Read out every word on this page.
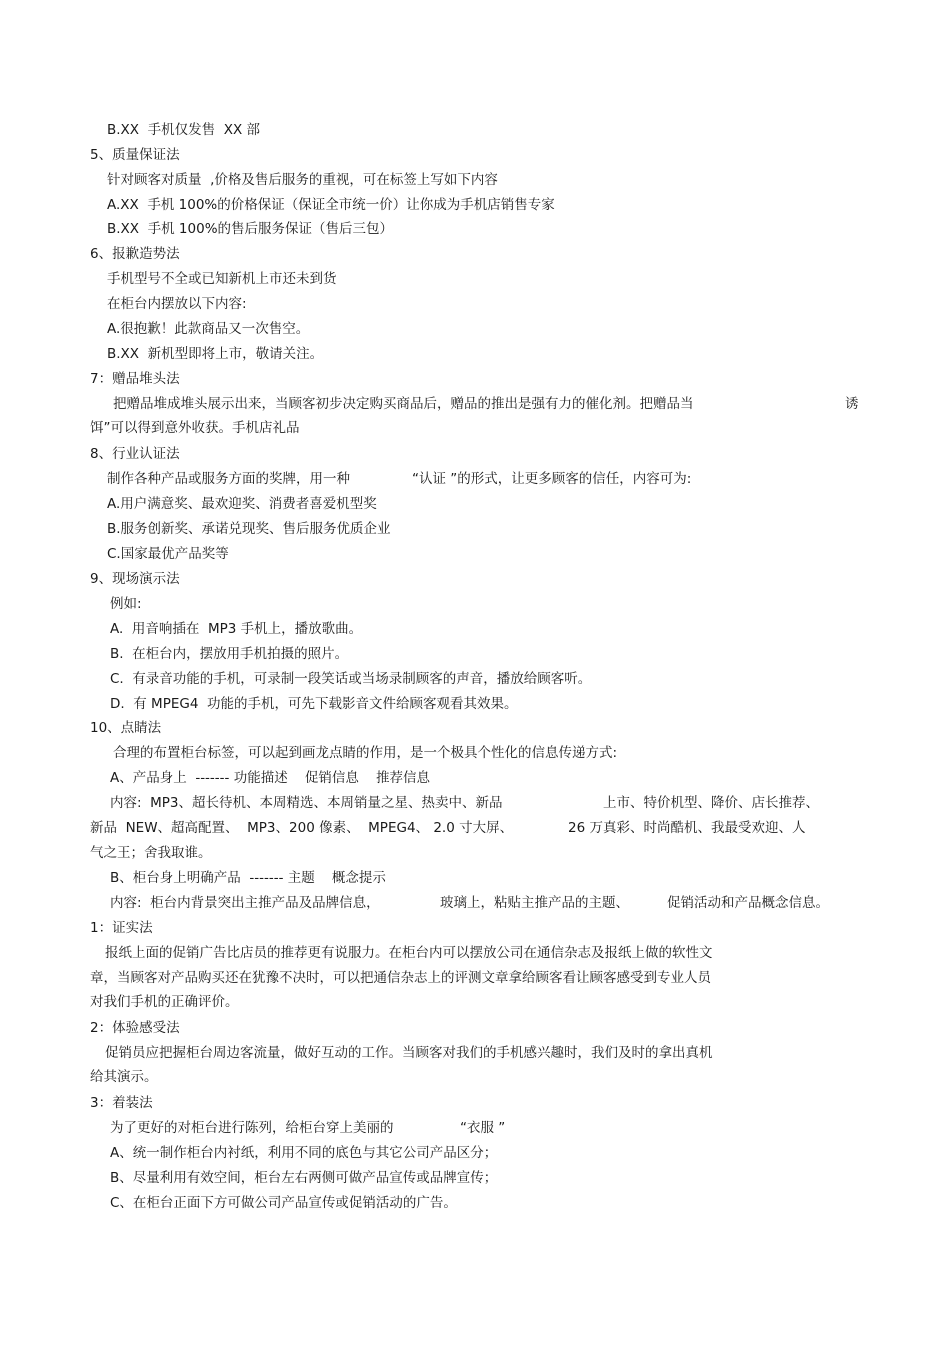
B.XX  手机仅发售  XX 部
5、质量保证法
针对顾客对质量  ,价格及售后服务的重视，可在标签上写如下内容
A.XX  手机 100%的价格保证（保证全市统一价）让你成为手机店销售专家
B.XX  手机 100%的售后服务保证（售后三包）
6、报歉造势法
手机型号不全或已知新机上市还未到货
在柜台内摆放以下内容:
A.很抱歉！此款商品又一次售空。
B.XX  新机型即将上市，敬请关注。
7：赠品堆头法
把赠品堆成堆头展示出来，当顾客初步决定购买商品后，赠品的推出是强有力的催化剂。把赠品当	诱
饵”可以得到意外收获。手机店礼品
8、行业认证法
制作各种产品或服务方面的奖牌，用一种	“认证 ”的形式，让更多顾客的信任，内容可为:
A.用户满意奖、最欢迎奖、消费者喜爱机型奖
B.服务创新奖、承诺兑现奖、售后服务优质企业
C.国家最优产品奖等
9、现场演示法
例如:
A.  用音响插在  MP3 手机上，播放歌曲。
B.  在柜台内，摆放用手机拍摄的照片。
C.  有录音功能的手机，可录制一段笑话或当场录制顾客的声音，播放给顾客听。
D.  有 MPEG4  功能的手机，可先下载影音文件给顾客观看其效果。
10、点睛法
合理的布置柜台标签，可以起到画龙点睛的作用，是一个极具个性化的信息传递方式:
A、产品身上  ------- 功能描述    促销信息    推荐信息
内容:  MP3、超长待机、本周精选、本周销量之星、热卖中、新品	上市、特价机型、降价、店长推荐、
新品  NEW、超高配置、  MP3、200 像素、  MPEG4、 2.0 寸大屏、	26 万真彩、时尚酷机、我最受欢迎、人
气之王；舍我取谁。
B、柜台身上明确产品  ------- 主题    概念提示
内容:  柜台内背景突出主推产品及品牌信息，	玻璃上，粘贴主推产品的主题、	促销活动和产品概念信息。
1：证实法
报纸上面的促销广告比店员的推荐更有说服力。在柜台内可以摆放公司在通信杂志及报纸上做的软性文
章，当顾客对产品购买还在犹豫不决时，可以把通信杂志上的评测文章拿给顾客看让顾客感受到专业人员
对我们手机的正确评价。
2：体验感受法
促销员应把握柜台周边客流量，做好互动的工作。当顾客对我们的手机感兴趣时，我们及时的拿出真机
给其演示。
3：着装法
为了更好的对柜台进行陈列，给柜台穿上美丽的	“衣服 ”
A、统一制作柜台内衬纸，利用不同的底色与其它公司产品区分；
B、尽量利用有效空间，柜台左右两侧可做产品宣传或品牌宣传；
C、在柜台正面下方可做公司产品宣传或促销活动的广告。
